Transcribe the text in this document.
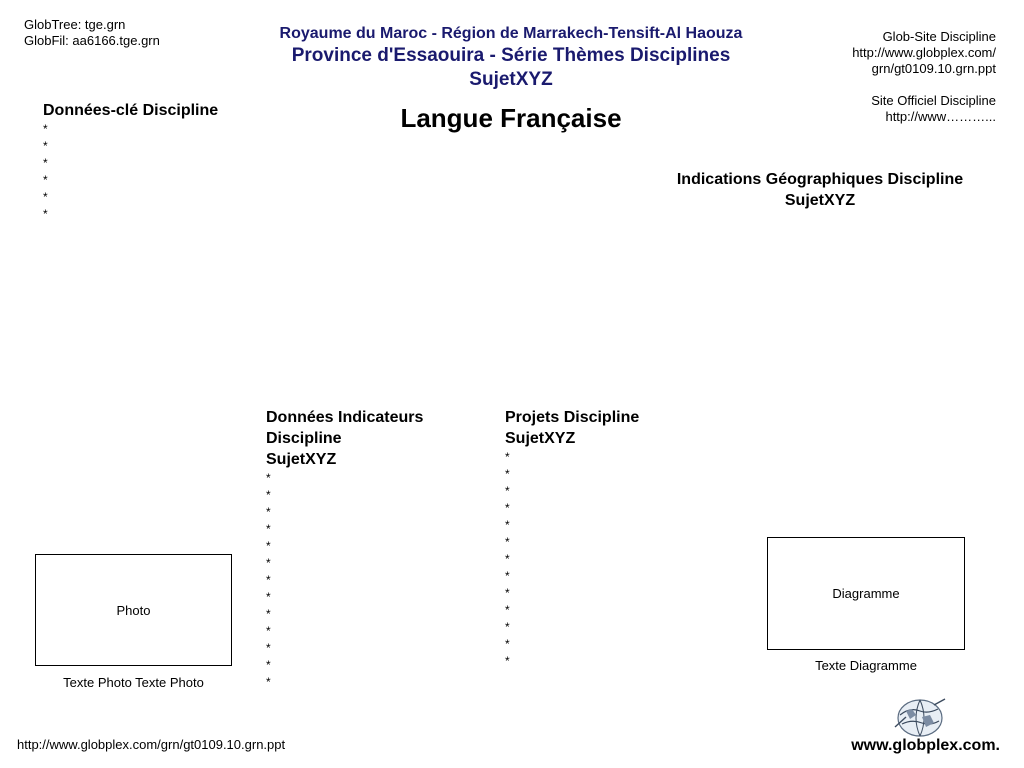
GlobTree: tge.grn
GlobFil: aa6166.tge.grn	Royaume du Maroc - Région de Marrakech-Tensift-Al Haouza
Province d'Essaouira - Série Thèmes Disciplines
SujetXYZ
Langue Française
Glob-Site Discipline
http://www.globplex.com/
grn/gt0109.10.grn.ppt
Site Officiel Discipline
http://www………...
Données-clé Discipline
*
*
*
*
*
*
Indications Géographiques Discipline
SujetXYZ
Données Indicateurs
Discipline
SujetXYZ
*
*
*
*
*
*
*
*
*
*
*
*
*
Projets Discipline
SujetXYZ
*
*
*
*
*
*
*
*
*
*
*
*
*
Photo
Texte Photo Texte Photo
Diagramme
Texte Diagramme
http://www.globplex.com/grn/gt0109.10.grn.ppt	www.globplex.com.
